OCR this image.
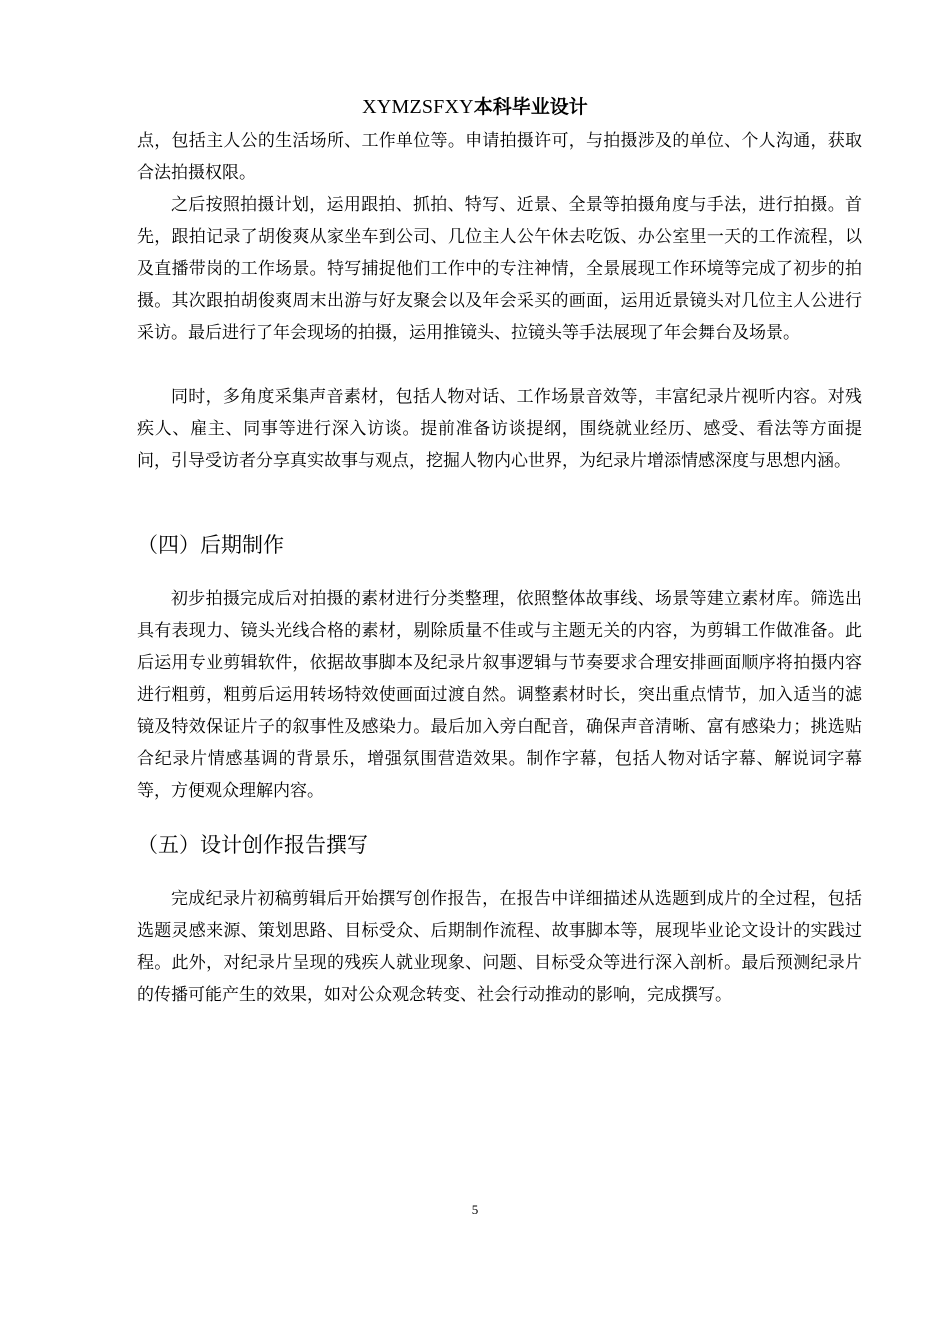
XYMZSFXY本科毕业设计

点，包括主人公的生活场所、工作单位等。申请拍摄许可，与拍摄涉及的单位、个人沟通，获取合法拍摄权限。

之后按照拍摄计划，运用跟拍、抓拍、特写、近景、全景等拍摄角度与手法，进行拍摄。首先，跟拍记录了胡俊爽从家坐车到公司、几位主人公午休去吃饭、办公室里一天的工作流程，以及直播带岗的工作场景。特写捕捉他们工作中的专注神情，全景展现工作环境等完成了初步的拍摄。其次跟拍胡俊爽周末出游与好友聚会以及年会采买的画面，运用近景镜头对几位主人公进行采访。最后进行了年会现场的拍摄，运用推镜头、拉镜头等手法展现了年会舞台及场景。

同时，多角度采集声音素材，包括人物对话、工作场景音效等，丰富纪录片视听内容。对残疾人、雇主、同事等进行深入访谈。提前准备访谈提纲，围绕就业经历、感受、看法等方面提问，引导受访者分享真实故事与观点，挖掘人物内心世界，为纪录片增添情感深度与思想内涵。

（四）后期制作

初步拍摄完成后对拍摄的素材进行分类整理，依照整体故事线、场景等建立素材库。筛选出具有表现力、镜头光线合格的素材，剔除质量不佳或与主题无关的内容，为剪辑工作做准备。此后运用专业剪辑软件，依据故事脚本及纪录片叙事逻辑与节奏要求合理安排画面顺序将拍摄内容进行粗剪，粗剪后运用转场特效使画面过渡自然。调整素材时长，突出重点情节，加入适当的滤镜及特效保证片子的叙事性及感染力。最后加入旁白配音，确保声音清晰、富有感染力；挑选贴合纪录片情感基调的背景乐，增强氛围营造效果。制作字幕，包括人物对话字幕、解说词字幕等，方便观众理解内容。

（五）设计创作报告撰写

完成纪录片初稿剪辑后开始撰写创作报告，在报告中详细描述从选题到成片的全过程，包括选题灵感来源、策划思路、目标受众、后期制作流程、故事脚本等，展现毕业论文设计的实践过程。此外，对纪录片呈现的残疾人就业现象、问题、目标受众等进行深入剖析。最后预测纪录片的传播可能产生的效果，如对公众观念转变、社会行动推动的影响，完成撰写。

5
